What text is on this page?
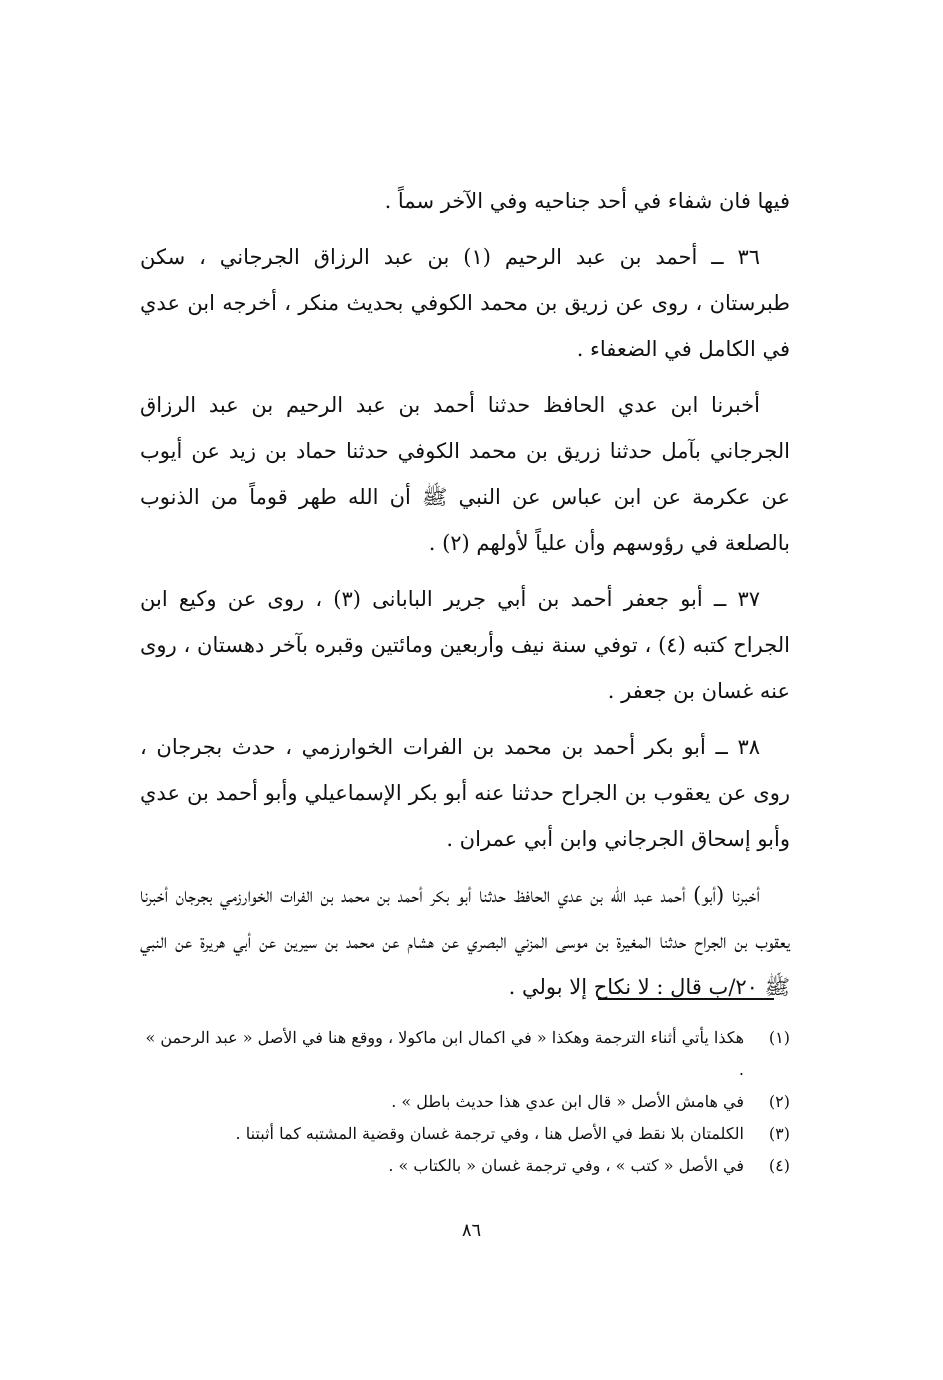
فيها فان شفاء في أحد جناحيه وفي الآخر سماً .

٣٦ ــ أحمد بن عبد الرحيم (١) بن عبد الرزاق الجرجاني ، سكن طبرستان ، روى عن زريق بن محمد الكوفي بحديث منكر ، أخرجه ابن عدي في الكامل في الضعفاء .

أخبرنا ابن عدي الحافظ حدثنا أحمد بن عبد الرحيم بن عبد الرزاق الجرجاني بآمل حدثنا زريق بن محمد الكوفي حدثنا حماد بن زيد عن أيوب عن عكرمة عن ابن عباس عن النبي ﷺ أن الله طهر قوماً من الذنوب بالصلعة في رؤوسهم وأن علياً لأولهم (٢) .

٣٧ ــ أبو جعفر أحمد بن أبي جرير البابانى (٣) ، روى عن وكيع ابن الجراح كتبه (٤) ، توفي سنة نيف وأربعين ومائتين وقبره بآخر دهستان ، روى عنه غسان بن جعفر .

٣٨ ــ أبو بكر أحمد بن محمد بن الفرات الخوارزمي ، حدث بجرجان ، روى عن يعقوب بن الجراح حدثنا عنه أبو بكر الإسماعيلي وأبو أحمد بن عدي وأبو إسحاق الجرجاني وابن أبي عمران .

أخبرنا (أبو) أحمد عبد الله بن عدي الحافظ حدثنا أبو بكر أحمد بن محمد بن الفرات الخوارزمي بجرجان أخبرنا يعقوب بن الجراح حدثنا المغيرة بن موسى المزني البصري عن هشام عن محمد بن سيرين عن أبي هريرة عن النبي ﷺ ٢٠/ب قال : لا نكاح إلا بولي .

(١)
هكذا يأتي أثناء الترجمة وهكذا « في اكمال ابن ماكولا ، ووقع هنا في الأصل « عبد الرحمن » .
(٢)
في هامش الأصل « قال ابن عدي هذا حديث باطل » .
(٣)
الكلمتان بلا نقط في الأصل هنا ، وفي ترجمة غسان وقضية المشتبه كما أثبتنا .
(٤)
في الأصل « كتب » ، وفي ترجمة غسان « بالكتاب » .
٨٦
